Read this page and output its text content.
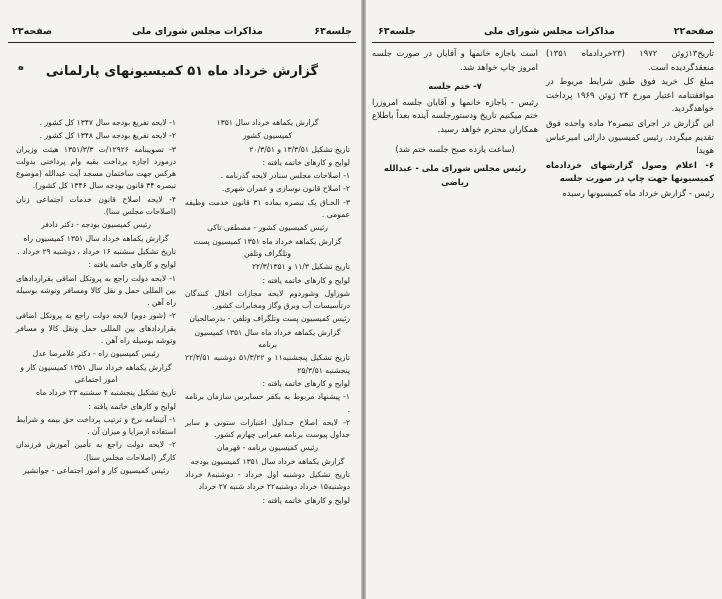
صفحه۲۲
مذاکرات مجلس شورای ملی
جلسه۶۳

تاریخ۱۳ژوئن ۱۹۷۲ (۲۳خردادماه ۱۳۵۱) منعقدگردیده است.

مبلغ کل خرید فوق طبق شرایط مربوط در موافقتنامه اعتبار مورخ ۲۴ ژوئن ۱۹۶۹ پرداخت خواهدگردید.

این گزارش در اجرای تبصره۲ ماده واحده فوق تقدیم میگردد. رئیس کمیسیون دارائی امیرعباس هویدا

۶- اعلام وصول گزارشهای خردادماه کمیسیونها جهت چاپ در صورت جلسه

رئیس - گزارش خرداد ماه کمیسیونها رسیده

است باجازه خانمها و آقایان در صورت جلسه امروز چاپ خواهد شد.

۷- ختم جلسه

رئیس - باجازه خانمها و آقایان جلسه امروزرا ختم میکنیم تاریخ ودستورجلسه آینده بعداً باطلاع همکاران محترم خواهد رسید.

(ساعت یازده صبح جلسه ختم شد)

رئیس مجلس شورای ملی - عبدالله ریاضی

صفحه۲۳	مذاکرات مجلس شورای ملی	جلسه۶۳
ه	گزارش خرداد ماه ۵۱ کمیسیونهای پارلمانی

گزارش یکماهه خرداد سال ۱۳۵۱

کمیسیون کشور

تاریخ تشکیل ۱۳/۳/۵۱ و ۲۰/۳/۵۱

لوایح و کارهای خاتمه یافته :

۱- اصلاحات مجلس سنادر لایحه گذرنامه .

۲- اصلاح قانون نوسازی و عمران شهری.

۳- الحـاق یک تبصره بماده ۳۱ قانون خدمت وظیفه عمومی .

رئیس کمیسیون کشور - مصطفی تاکی

گزارش یکماهه خرداد ماه ۱۳۵۱ کمیسیون پست وتلگراف وتلفن

تاریخ تشکیل ۱۱/۳ و ۲۲/۳/۱۳۵۱

لوایح و کارهای خاتمه یافته :

شوراول وشوردوم لایحه مجازات اخلال کنندگان درتأسیسات آب وبرق وگاز ومخابرات کشور.

رئیس کمیسیون پست وتلگراف وتلفن - بدرصالحیان

گزارش یکماهه خرداد ماه سال ۱۳۵۱ کمیسیون برنامه

تاریخ تشکیل پنجشنبه۱۱ و ۵۱/۳/۲۲ دوشنبه ۲۲/۳/۵۱ پنجشنبه ۲۵/۳/۵۱

لوایح و کارهای خاتمه یافته :

۱- پیشنهاد مربوط به بکفر حسابرس سازمان برنامه .

۲- لایحه اصلاح جـداول اعتبارات ستونی و سایر جداول پیوست برنامه عمرانی چهارم کشور.

رئیس کمیسیون برنامه - قهرمان

گزارش یکماهه خرداد سال ۱۳۵۱ کمیسیون بودجه

تاریخ تشکیل دوشنبه اول خرداد - دوشنبه۸ خرداد دوشنبه۱۵ خرداد دوشنبه۲۲ خرداد شنبه ۲۷ خرداد

لوایح و کارهای خاتمه یافته :

۱- لایحه تفریغ بودجه سال ۱۳۴۷ کل کشور .

۲- لایحه تفریغ بودجه سال ۱۳۴۸ کل کشور .

۳- تصویبنامه ۱۲۹۲۶/ت ۱۳۵۱/۳/۳ هیئت وزیران درمورد اجازه پرداخت بقیه وام پرداختی بدولت هرکس جهت ساختمان مسجد آیت عبدالله (موضوع تبصره ۳۴ قانون بودجه سال ۱۳۴۶ کل کشور).

۴- لایحه اصلاح قانون خدمات اجتماعی زنان (اصلاحات مجلس سنا).

رئیس کمیسیون بودجه - دکتر دادفر

گزارش یکماهه خرداد سال ۱۳۵۱ کمیسیون راه

تاریخ تشکیل سشنبه ۱۶ خرداد ، دوشنبه ۲۹ خرداد .

لوایح و کارهای خاتمه یافته :

۱- لایحه دولت راجع به پروتکل اضافی بقراردادهای بین المللی حمل و نقل کالا ومسافر وتوشه بوسیله راه آهن .

۲- (شور دوم) لایحه دولت راجع به پروتکل اضافی بقراردادهای بین المللی حمل ونقل کالا و مسافر وتوشه بوسیله راه آهن .

رئیس کمیسیون راه - دکتر غلامرضا عدل

گزارش یکماهه خرداد سال ۱۳۵۱ کمیسیون کار و امور اجتماعی

تاریخ تشکیل پنجشنبه ۴ سشنبه ۲۳ خرداد ماه

لوایح و کارهای خاتمه یافته :

۱- آئیننامه نرخ و ترتیب پرداخت حق بیمه و شرایط استفاده ازمزایا و میزان آن .

۲- لایحه دولت راجع به تأمین آموزش فرزندان کارگر (اصلاحات مجلس سنا).

رئیس کمیسیون کار و امور اجتماعی - جوانشیر
